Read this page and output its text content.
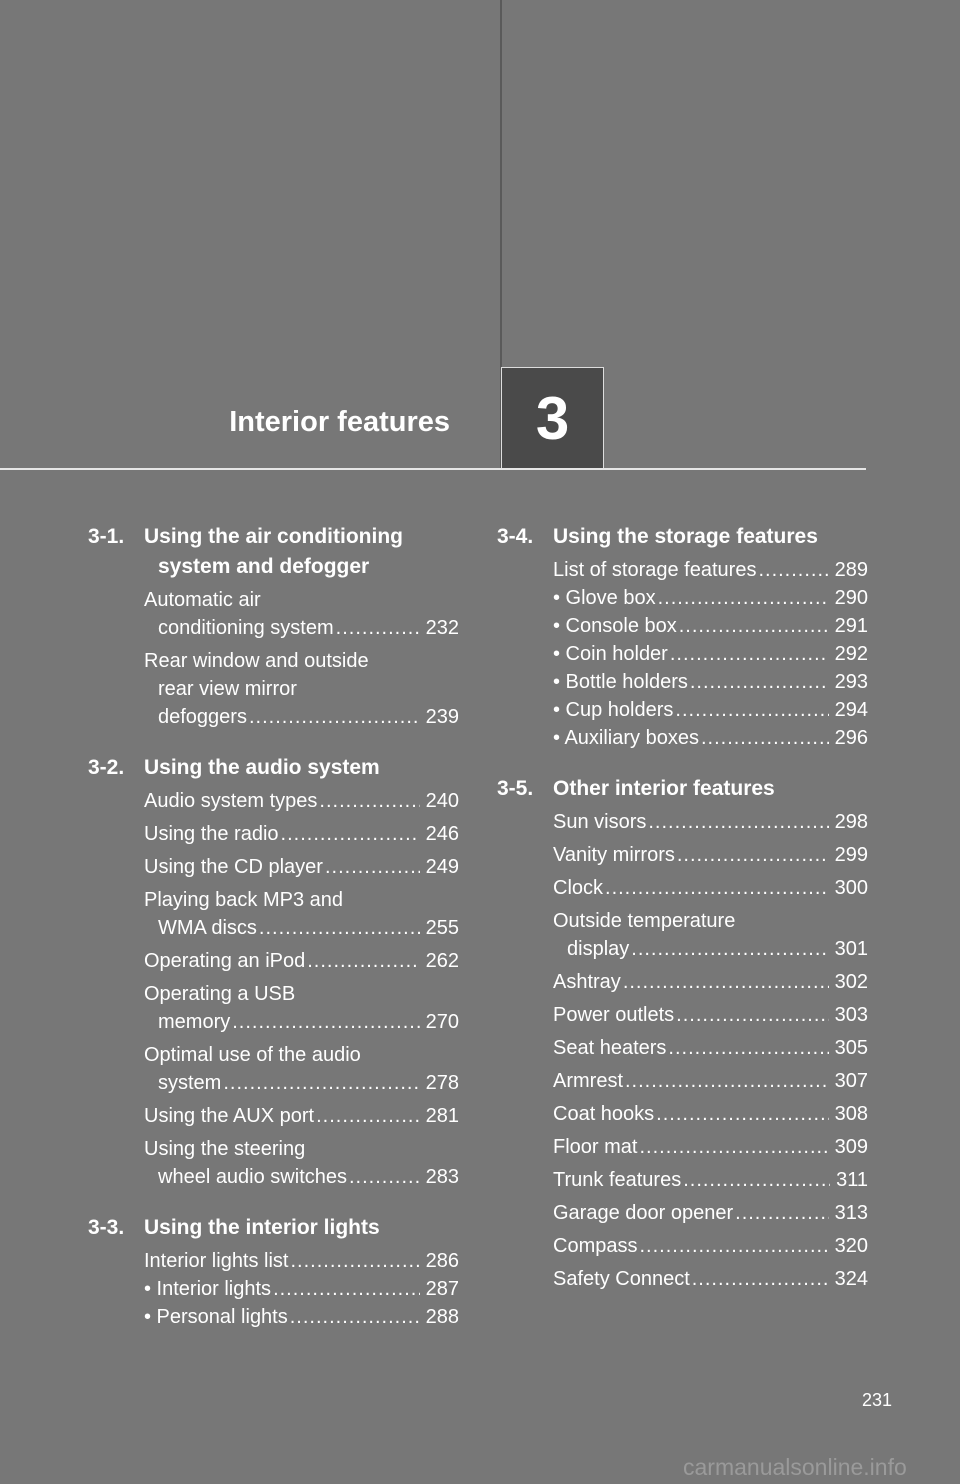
Interior features	3
3-1. Using the air conditioning
system and defogger
Automatic air
conditioning system .....	232
Rear window and outside
rear view mirror
defoggers .....	239
3-2. Using the audio system
Audio system types .....	240
Using the radio .....	246
Using the CD player .....	249
Playing back MP3 and
WMA discs .....	255
Operating an iPod .....	262
Operating a USB
memory .....	270
Optimal use of the audio
system .....	278
Using the AUX port .....	281
Using the steering
wheel audio switches .....	283
3-3. Using the interior lights
Interior lights list .....	286
• Interior lights .....	287
• Personal lights .....	288
3-4. Using the storage features
List of storage features .....	289
• Glove box .....	290
• Console box .....	291
• Coin holder .....	292
• Bottle holders .....	293
• Cup holders .....	294
• Auxiliary boxes .....	296
3-5. Other interior features
Sun visors .....	298
Vanity mirrors .....	299
Clock .....	300
Outside temperature
display .....	301
Ashtray .....	302
Power outlets .....	303
Seat heaters .....	305
Armrest .....	307
Coat hooks .....	308
Floor mat .....	309
Trunk features .....	311
Garage door opener .....	313
Compass .....	320
Safety Connect .....	324
231
carmanualsonline.info
